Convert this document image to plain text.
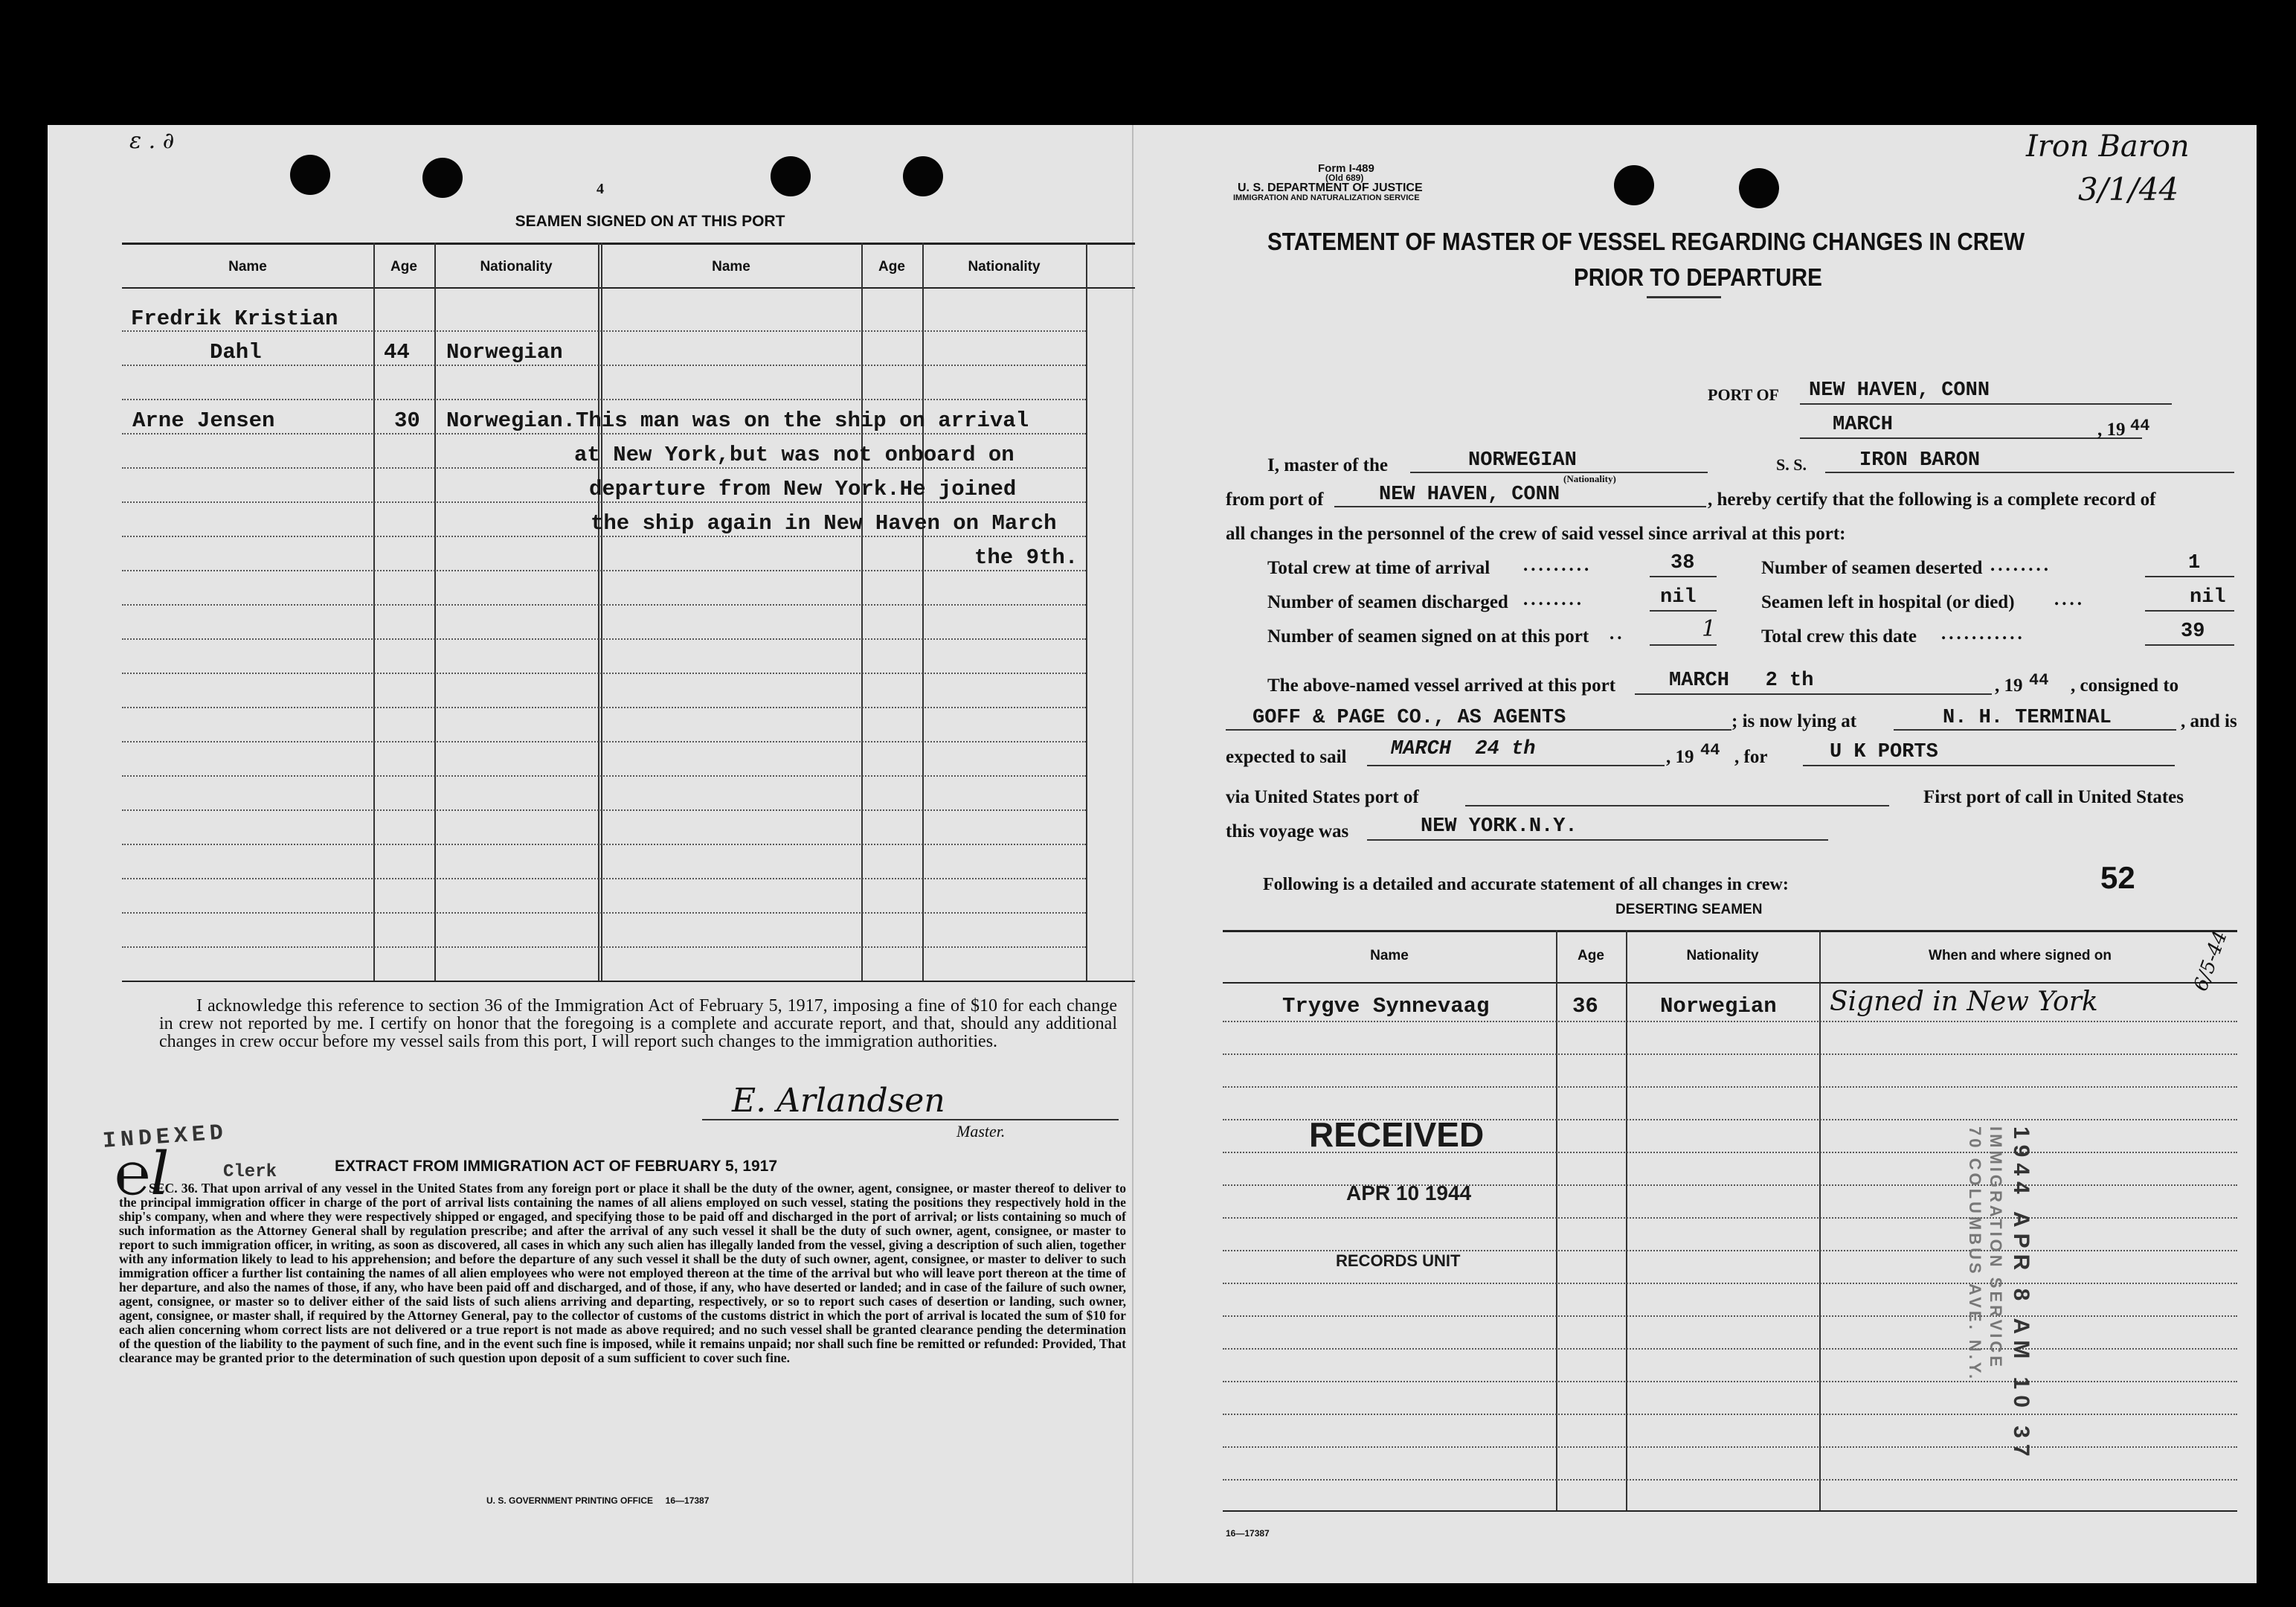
ε . ∂
4
SEAMEN SIGNED ON AT THIS PORT
Name	Age	Nationality	Name	Age	Nationality
Fredrik Kristian
Dahl	44 Norwegian
Arne Jensen	30 Norwegian. This man was on the ship on arrival
at New York,but was not onboard on
departure from New York.He joined
the ship again in New Haven on March
the 9th.
I acknowledge this reference to section 36 of the Immigration Act of February 5, 1917, imposing a fine of $10 for each change in crew not reported by me. I certify on honor that the foregoing is a complete and accurate report, and that, should any additional changes in crew occur before my vessel sails from this port, I will report such changes to the immigration authorities.
E. Arlandsen
Master.
INDEXED
℮l	Clerk	EXTRACT FROM IMMIGRATION ACT OF FEBRUARY 5, 1917
SEC. 36. That upon arrival of any vessel in the United States from any foreign port or place it shall be the duty of the owner, agent, consignee, or master thereof to deliver to the principal immigration officer in charge of the port of arrival lists containing the names of all aliens employed on such vessel, stating the positions they respectively hold in the ship's company, when and where they were respectively shipped or engaged, and specifying those to be paid off and discharged in the port of arrival; or lists containing so much of such information as the Attorney General shall by regulation prescribe; and after the arrival of any such vessel it shall be the duty of such owner, agent, consignee, or master to report to such immigration officer, in writing, as soon as discovered, all cases in which any such alien has illegally landed from the vessel, giving a description of such alien, together with any information likely to lead to his apprehension; and before the departure of any such vessel it shall be the duty of such owner, agent, consignee, or master to deliver to such immigration officer a further list containing the names of all alien employees who were not employed thereon at the time of the arrival but who will leave port thereon at the time of her departure, and also the names of those, if any, who have been paid off and discharged, and of those, if any, who have deserted or landed; and in case of the failure of such owner, agent, consignee, or master so to deliver either of the said lists of such aliens arriving and departing, respectively, or so to report such cases of desertion or landing, such owner, agent, consignee, or master shall, if required by the Attorney General, pay to the collector of customs of the customs district in which the port of arrival is located the sum of $10 for each alien concerning whom correct lists are not delivered or a true report is not made as above required; and no such vessel shall be granted clearance pending the determination of the question of the liability to the payment of such fine, and in the event such fine is imposed, while it remains unpaid; nor shall such fine be remitted or refunded: Provided, That clearance may be granted prior to the determination of such question upon deposit of a sum sufficient to cover such fine.
U. S. GOVERNMENT PRINTING OFFICE     16—17387
Form I-489
(Old 689)
U. S. DEPARTMENT OF JUSTICE
IMMIGRATION AND NATURALIZATION SERVICE
Iron Baron
3/1/44
STATEMENT OF MASTER OF VESSEL REGARDING CHANGES IN CREW
PRIOR TO DEPARTURE
PORT OF NEW HAVEN, CONN
MARCH	, 19 44
I, master of the	NORWEGIAN
(Nationality)
S. S.	IRON BARON
from port of	NEW HAVEN, CONN	, hereby certify that the following is a complete record of
all changes in the personnel of the crew of said vessel since arrival at this port:
Total crew at time of arrival .........	38	Number of seamen deserted ........	1
Number of seamen discharged ........	nil	Seamen left in hospital (or died) ....	nil
Number of seamen signed on at this port ..	1 Total crew this date ...........	39
The above-named vessel arrived at this port	MARCH   2 th	, 19 44 , consigned to
GOFF & PAGE CO., AS AGENTS	; is now lying at	N. H. TERMINAL	, and is
expected to sail MARCH  24 th	, 19 44 , for	U K PORTS
via United States port of	First port of call in United States
this voyage was	NEW YORK.N.Y.
Following is a detailed and accurate statement of all changes in crew:	52
DESERTING SEAMEN
Name	Age	Nationality	When and where signed on
Trygve Synnevaag	36	Norwegian Signed in New York
6/5-44
RECEIVED
APR 10 1944
RECORDS UNIT	1944 APR 8 AM 10 37
IMMIGRATION SERVICE
70 COLUMBUS AVE. N.Y.
16—17387
